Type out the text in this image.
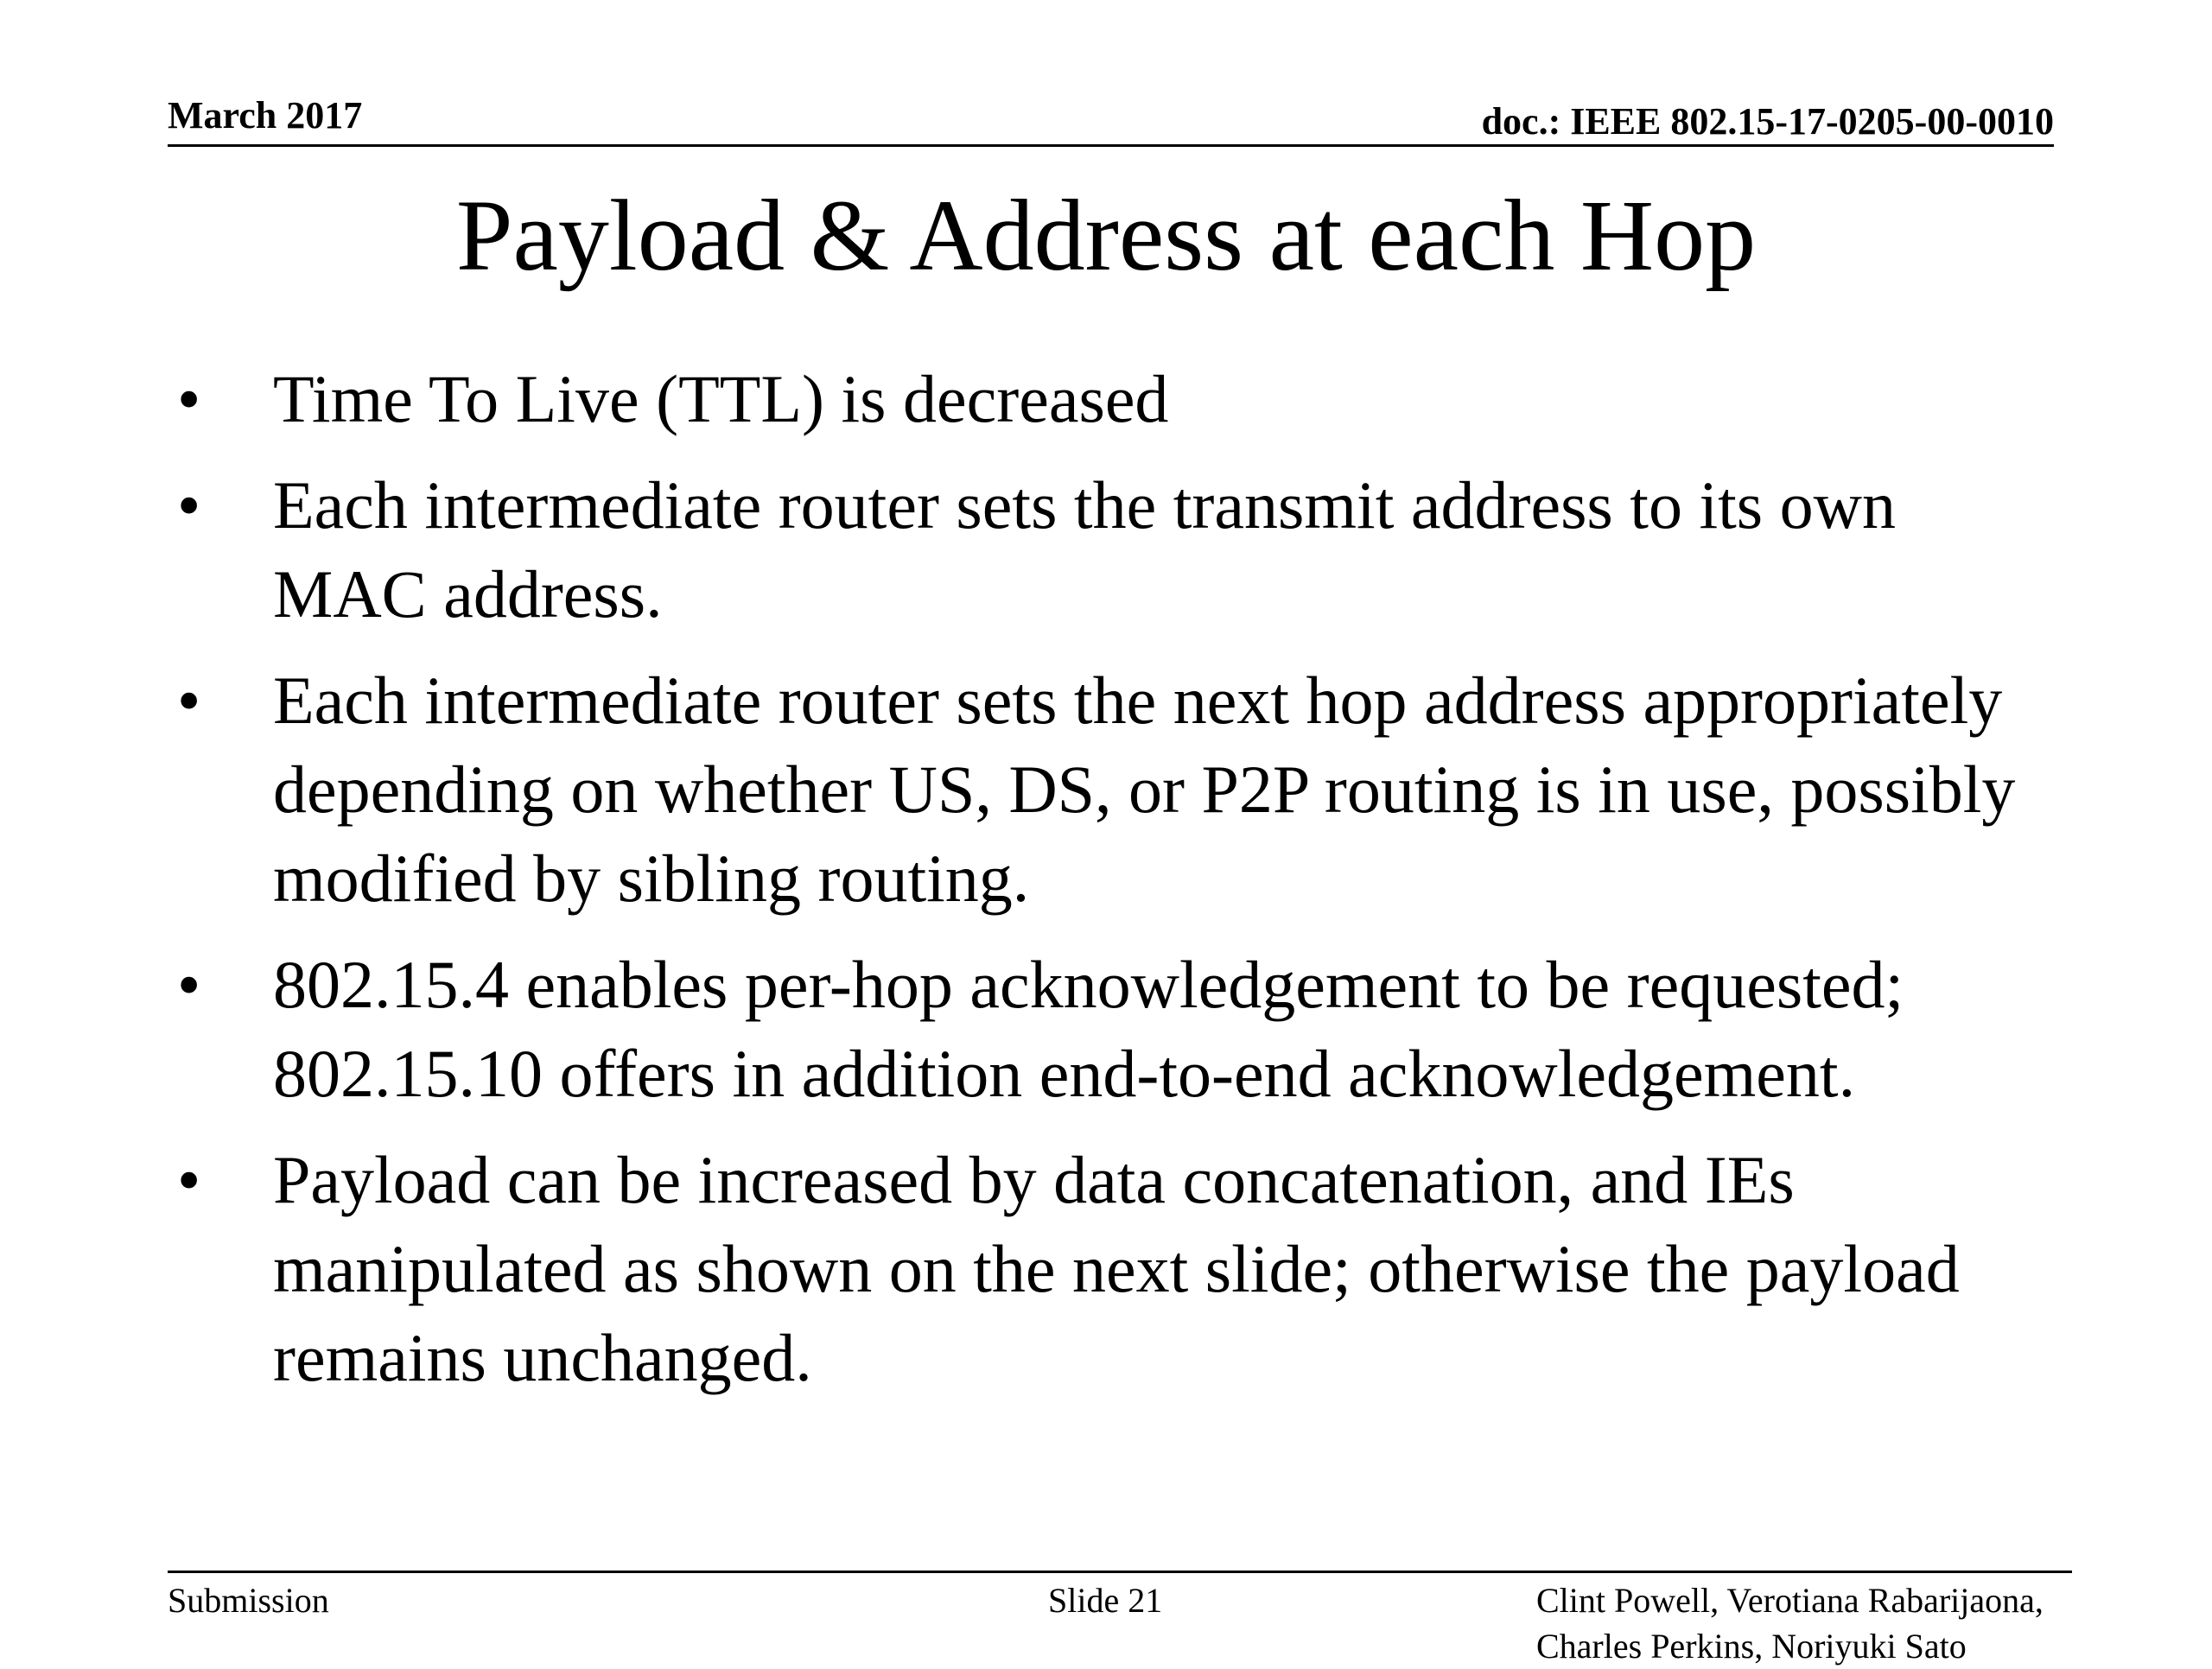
March 2017	doc.: IEEE 802.15-17-0205-00-0010
Payload & Address at each Hop
• Time To Live (TTL) is decreased
• Each intermediate router sets the transmit address to its own MAC address.
• Each intermediate router sets the next hop address appropriately depending on whether US, DS, or P2P routing is in use, possibly modified by sibling routing.
• 802.15.4 enables per-hop acknowledgement to be requested; 802.15.10 offers in addition end-to-end acknowledgement.
• Payload can be increased by data concatenation, and IEs manipulated as shown on the next slide; otherwise the payload remains unchanged.
Submission	Slide 21	Clint Powell, Verotiana Rabarijaona,
Charles Perkins, Noriyuki Sato
